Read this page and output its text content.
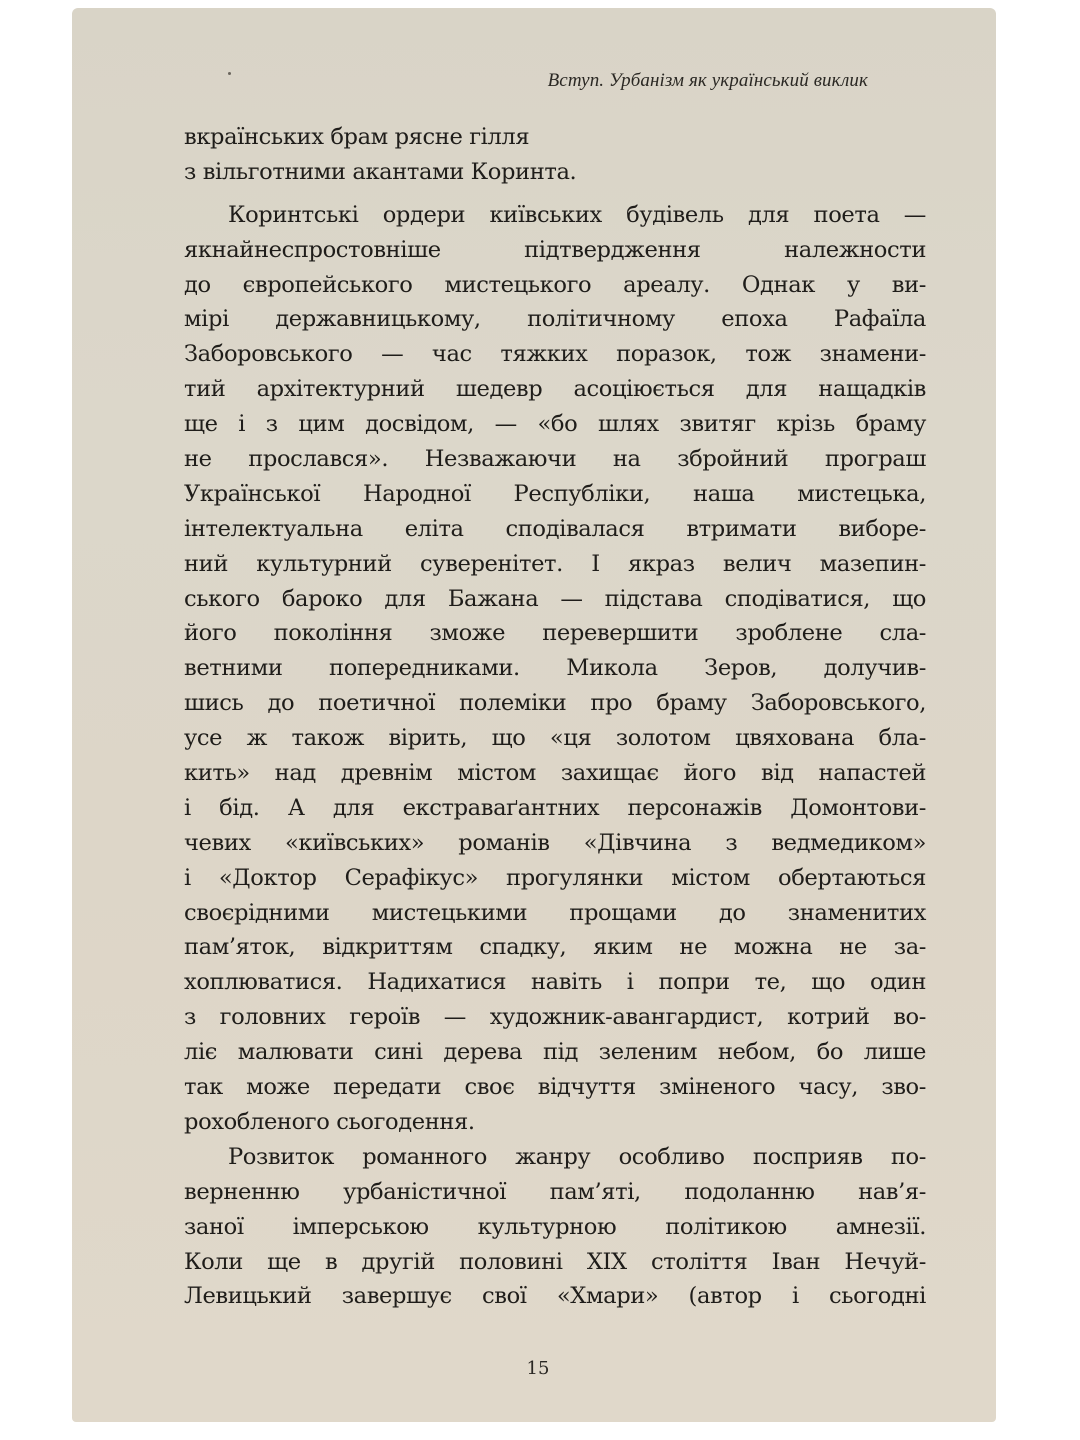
Вступ. Урбанізм як український виклик
вкраїнських брам рясне гілля
з вільготними акантами Коринта.
Коринтські ордери київських будівель для поета —
якнайнеспростовніше підтвердження належности
до європейського мистецького ареалу. Однак у ви-
мірі державницькому, політичному епоха Рафаїла
Заборовського — час тяжких поразок, тож знамени-
тий архітектурний шедевр асоціюється для нащадків
ще і з цим досвідом, — «бо шлях звитяг крізь браму
не прослався». Незважаючи на збройний програш
Української Народної Республіки, наша мистецька,
інтелектуальна еліта сподівалася втримати виборе-
ний культурний суверенітет. І якраз велич мазепин-
ського бароко для Бажана — підстава сподіватися, що
його покоління зможе перевершити зроблене сла-
ветними попередниками. Микола Зеров, долучив-
шись до поетичної полеміки про браму Заборовського,
усе ж також вірить, що «ця золотом цвяхована бла-
кить» над древнім містом захищає його від напастей
і бід. А для екстраваґантних персонажів Домонтови-
чевих «київських» романів «Дівчина з ведмедиком»
і «Доктор Серафікус» прогулянки містом обертаються
своєрідними мистецькими прощами до знаменитих
пам’яток, відкриттям спадку, яким не можна не за-
хоплюватися. Надихатися навіть і попри те, що один
з головних героїв — художник-авангардист, котрий во-
ліє малювати сині дерева під зеленим небом, бо лише
так може передати своє відчуття зміненого часу, зво-
рохобленого сьогодення.
Розвиток романного жанру особливо посприяв по-
верненню урбаністичної пам’яті, подоланню нав’я-
заної імперською культурною політикою амнезії.
Коли ще в другій половині XIX століття Іван Нечуй-
Левицький завершує свої «Хмари» (автор і сьогодні
15
